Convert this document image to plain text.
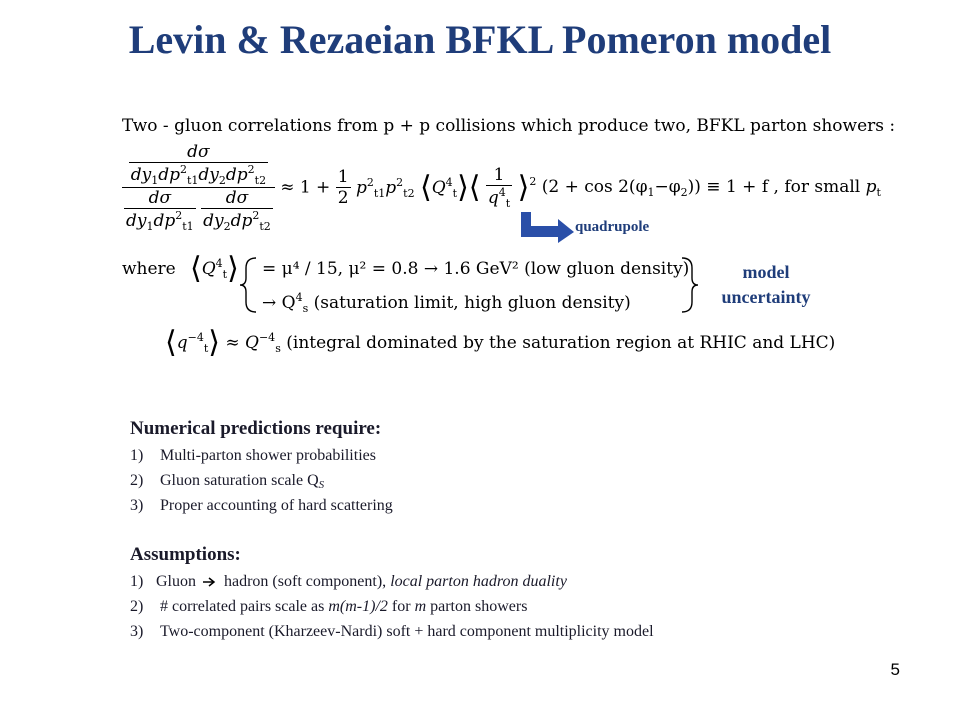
Levin & Rezaeian BFKL Pomeron model
Two - gluon correlations from p + p collisions which produce two, BFKL parton showers :
$\frac{d\sigma}{dy_1dp^2_{t1}dy_2dp^2_{t2}}$
$\frac{d\sigma}{dy_1dp^2_{t1}}$
$\frac{d\sigma}{dy_2dp^2_{t2}} \approx 1 + \frac{1}{2} p^2_{t1}p^2_{t2}$ $⟨Q^4_t⟩⟨ \frac{1}{q^4_t}$ ⟩$^2$ $(2 + \cos 2(\varphi_1-\varphi_2)) \equiv 1 + f$ , for small $p_t$
quadrupole
where $⟨Q^4_t⟩ = \mu^4 / 15$, μ² = 0.8 → 1.6 GeV² (low gluon density)
→ $Q^4_s$ (saturation limit, high gluon density)
model
uncertainty
$⟨q^{-4}_t⟩ \approx Q^{-4}_s$ (integral dominated by the saturation region at RHIC and LHC)
Numerical predictions require:
1) Multi-parton shower probabilities
2) Gluon saturation scale QS
3) Proper accounting of hard scattering
Assumptions:
1) Gluon hadron (soft component), local parton hadron duality
2) # correlated pairs scale as m(m-1)/2 for m parton showers
3) Two-component (Kharzeev-Nardi) soft + hard component multiplicity model
5
